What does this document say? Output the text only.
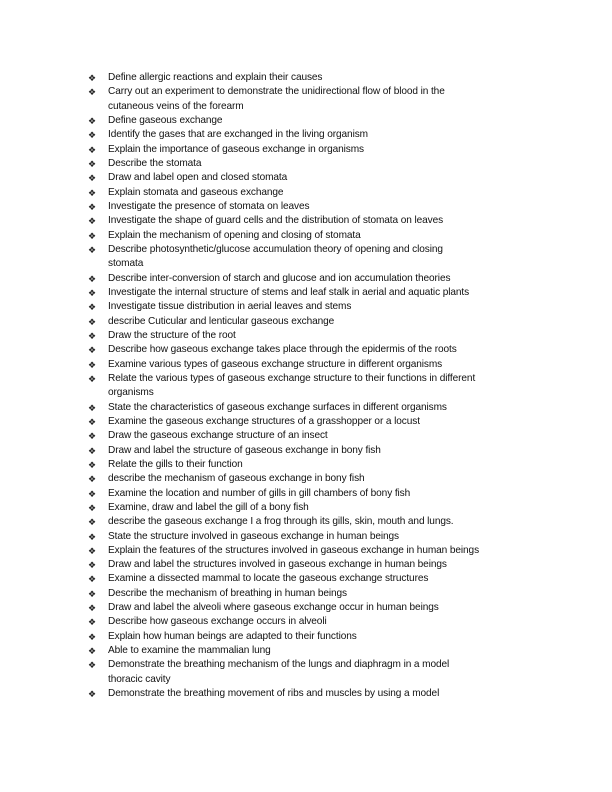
❖ Define allergic reactions and explain their causes
❖ Carry out an experiment to demonstrate the unidirectional flow of blood in the
cutaneous veins of the forearm
❖ Define gaseous exchange
❖ Identify the gases that are exchanged in the living organism
❖ Explain the importance of gaseous exchange in organisms
❖ Describe the stomata
❖ Draw and label open and closed stomata
❖ Explain stomata and gaseous exchange
❖ Investigate the presence of stomata on leaves
❖ Investigate the shape of guard cells and the distribution of stomata on leaves
❖ Explain the mechanism of opening and closing of stomata
❖ Describe photosynthetic/glucose accumulation theory of opening and closing
stomata
❖ Describe inter-conversion of starch and glucose and ion accumulation theories
❖ Investigate the internal structure of stems and leaf stalk in aerial and aquatic plants
❖ Investigate tissue distribution in aerial leaves and stems
❖ describe Cuticular and lenticular gaseous exchange
❖ Draw the structure of the root
❖ Describe how gaseous exchange takes place through the epidermis of the roots
❖ Examine various types of gaseous exchange structure in different organisms
❖ Relate the various types of gaseous exchange structure to their functions in different
organisms
❖ State the characteristics of gaseous exchange surfaces in different organisms
❖ Examine the gaseous exchange structures of a grasshopper or a locust
❖ Draw the gaseous exchange structure of an insect
❖ Draw and label the structure of gaseous exchange in bony fish
❖ Relate the gills to their function
❖ describe the mechanism of gaseous exchange in bony fish
❖ Examine the location and number of gills in gill chambers of bony fish
❖ Examine, draw and label the gill of a bony fish
❖ describe the gaseous exchange I a frog through its gills, skin, mouth and lungs.
❖ State the structure involved in gaseous exchange in human beings
❖ Explain the features of the structures involved in gaseous exchange in human beings
❖ Draw and label the structures involved in gaseous exchange in human beings
❖ Examine a dissected mammal to locate the gaseous exchange structures
❖ Describe the mechanism of breathing in human beings
❖ Draw and label the alveoli where gaseous exchange occur in human beings
❖ Describe how gaseous exchange occurs in alveoli
❖ Explain how human beings are adapted to their functions
❖ Able to examine the mammalian lung
❖ Demonstrate the breathing mechanism of the lungs and diaphragm in a model
thoracic cavity
❖ Demonstrate the breathing movement of ribs and muscles by using a model
